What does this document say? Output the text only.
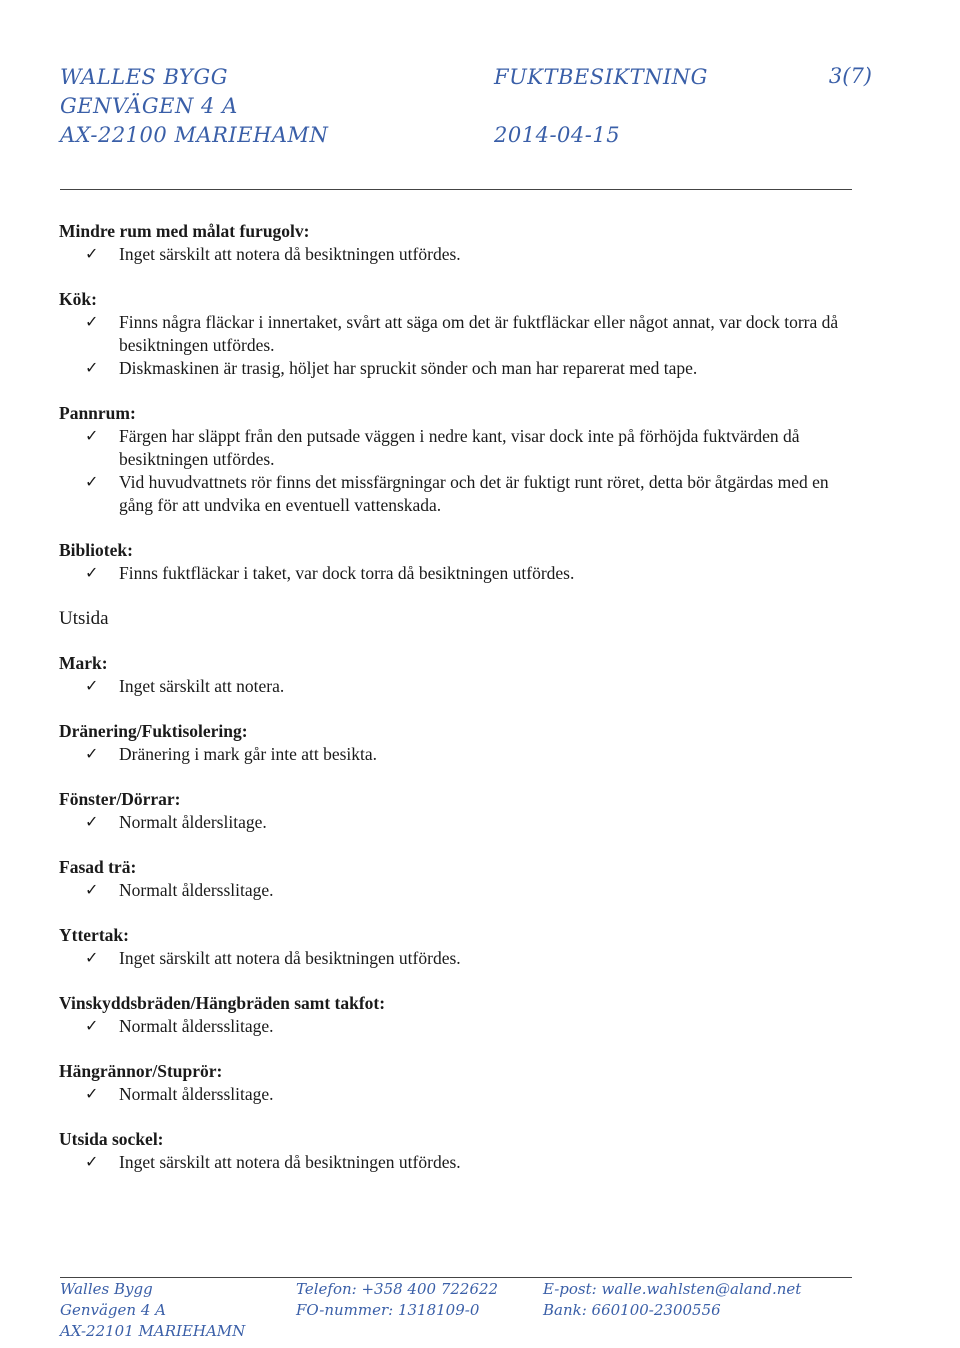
WALLES BYGG
GENVÄGEN 4 A
AX-22100 MARIEHAMN
FUKTBESIKTNING
2014-04-15
3(7)
Mindre rum med målat furugolv:
✓ Inget särskilt att notera då besiktningen utfördes.
Kök:
✓ Finns några fläckar i innertaket, svårt att säga om det är fuktfläckar eller något annat, var dock torra då besiktningen utfördes.
✓ Diskmaskinen är trasig, höljet har spruckit sönder och man har reparerat med tape.
Pannrum:
✓ Färgen har släppt från den putsade väggen i nedre kant, visar dock inte på förhöjda fuktvärden då besiktningen utfördes.
✓ Vid huvudvattnets rör finns det missfärgningar och det är fuktigt runt röret, detta bör åtgärdas med en gång för att undvika en eventuell vattenskada.
Bibliotek:
✓ Finns fuktfläckar i taket, var dock torra då besiktningen utfördes.
Utsida
Mark:
✓ Inget särskilt att notera.
Dränering/Fuktisolering:
✓ Dränering i mark går inte att besikta.
Fönster/Dörrar:
✓ Normalt ålderslitage.
Fasad trä:
✓ Normalt åldersslitage.
Yttertak:
✓ Inget särskilt att notera då besiktningen utfördes.
Vinskyddsbräden/Hängbräden samt takfot:
✓ Normalt åldersslitage.
Hängrännor/Stuprör:
✓ Normalt åldersslitage.
Utsida sockel:
✓ Inget särskilt att notera då besiktningen utfördes.
Walles Bygg
Genvägen 4 A
AX-22101 MARIEHAMN
Telefon: +358 400 722622
FO-nummer: 1318109-0
E-post: walle.wahlsten@aland.net
Bank: 660100-2300556
